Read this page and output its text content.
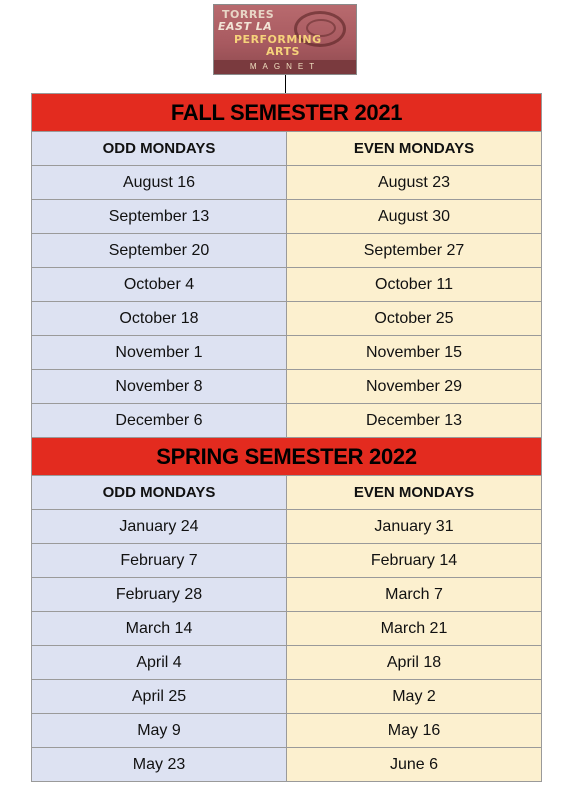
TORRES
EAST LA
PERFORMING
ARTS
MAGNET
FALL SEMESTER 2021	
ODD MONDAYS	EVEN MONDAYS
August 16	August 23
September 13	August 30
September 20	September 27
October 4	October 11
October 18	October 25
November 1	November 15
November 8	November 29
December 6	December 13
SPRING SEMESTER 2022	
ODD MONDAYS	EVEN MONDAYS
January 24	January 31
February 7	February 14
February 28	March 7
March 14	March 21
April 4	April 18
April 25	May 2
May 9	May 16
May 23	June 6
